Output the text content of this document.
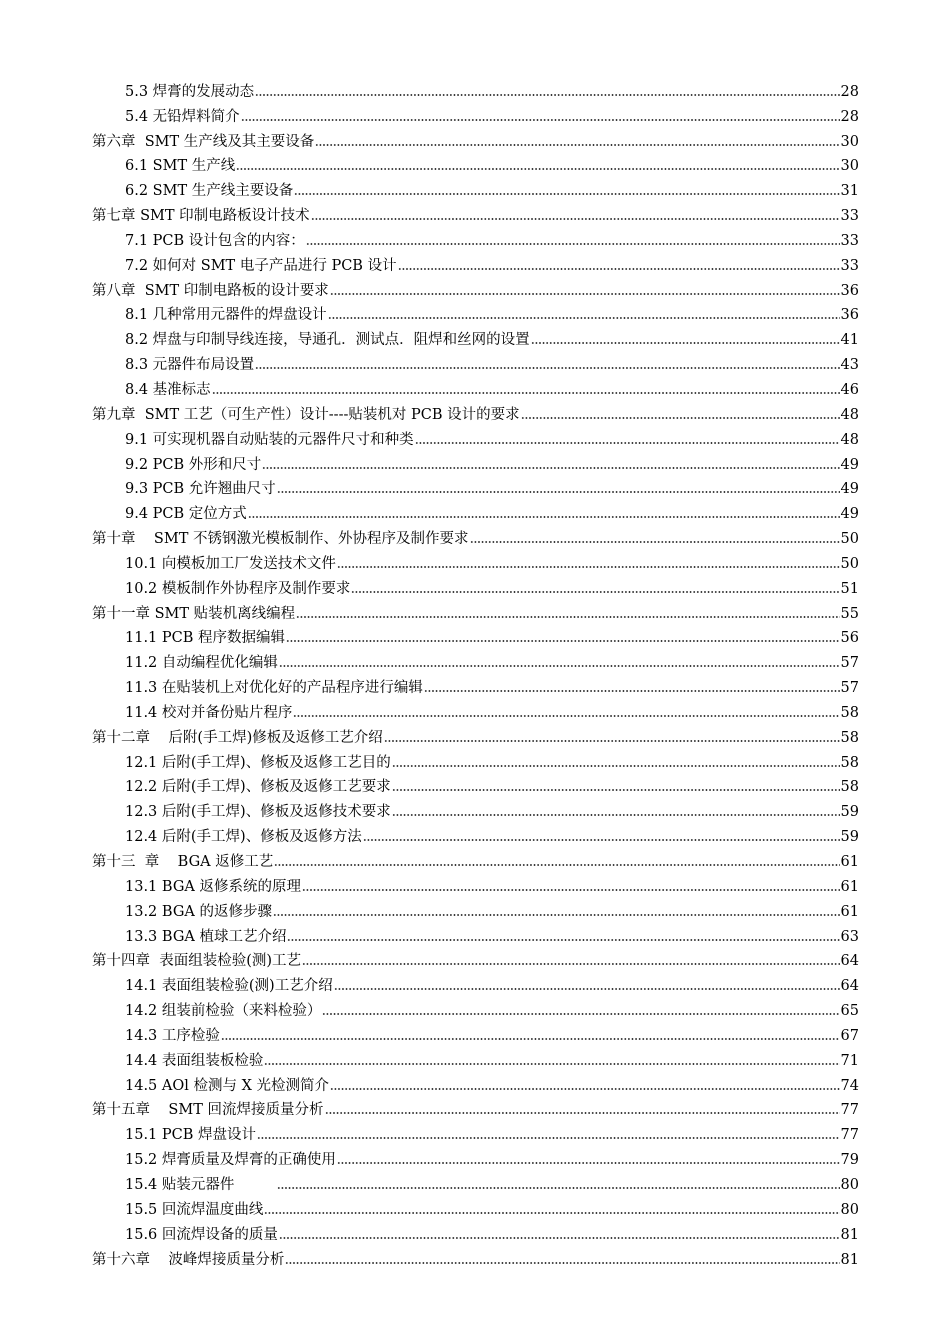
5.3 焊膏的发展动态	28
5.4 无铅焊料简介	28
第六章  SMT 生产线及其主要设备	30
6.1 SMT 生产线	30
6.2 SMT 生产线主要设备	31
第七章 SMT 印制电路板设计技术	33
7.1 PCB 设计包含的内容：	33
7.2 如何对 SMT 电子产品进行 PCB 设计	33
第八章  SMT 印制电路板的设计要求	36
8.1 几种常用元器件的焊盘设计	36
8.2 焊盘与印制导线连接，导通孔．测试点．阻焊和丝网的设置	41
8.3 元器件布局设置	43
8.4 基准标志	46
第九章  SMT 工艺（可生产性）设计----贴装机对 PCB 设计的要求	48
9.1 可实现机器自动贴装的元器件尺寸和种类	48
9.2 PCB 外形和尺寸	49
9.3 PCB 允许翘曲尺寸	49
9.4 PCB 定位方式	49
第十章    SMT 不锈钢激光模板制作、外协程序及制作要求	50
10.1 向模板加工厂发送技术文件	50
10.2 模板制作外协程序及制作要求	51
第十一章 SMT 贴装机离线编程	55
11.1 PCB 程序数据编辑	56
11.2 自动编程优化编辑	57
11.3 在贴装机上对优化好的产品程序进行编辑	57
11.4 校对并备份贴片程序	58
第十二章    后附(手工焊)修板及返修工艺介绍	58
12.1 后附(手工焊)、修板及返修工艺目的	58
12.2 后附(手工焊)、修板及返修工艺要求	58
12.3 后附(手工焊)、修板及返修技术要求	59
12.4 后附(手工焊)、修板及返修方法	59
第十三  章    BGA 返修工艺	61
13.1 BGA 返修系统的原理	61
13.2 BGA 的返修步骤	61
13.3 BGA 植球工艺介绍	63
第十四章  表面组装检验(测)工艺	64
14.1 表面组装检验(测)工艺介绍	64
14.2 组装前检验（来料检验）	65
14.3 工序检验	67
14.4 表面组装板检验	71
14.5 AOl 检测与 X 光检测简介	74
第十五章    SMT 回流焊接质量分析	77
15.1 PCB 焊盘设计	77
15.2 焊膏质量及焊膏的正确使用	79
15.4 贴装元器件	80
15.5 回流焊温度曲线	80
15.6 回流焊设备的质量	81
第十六章    波峰焊接质量分析	81
